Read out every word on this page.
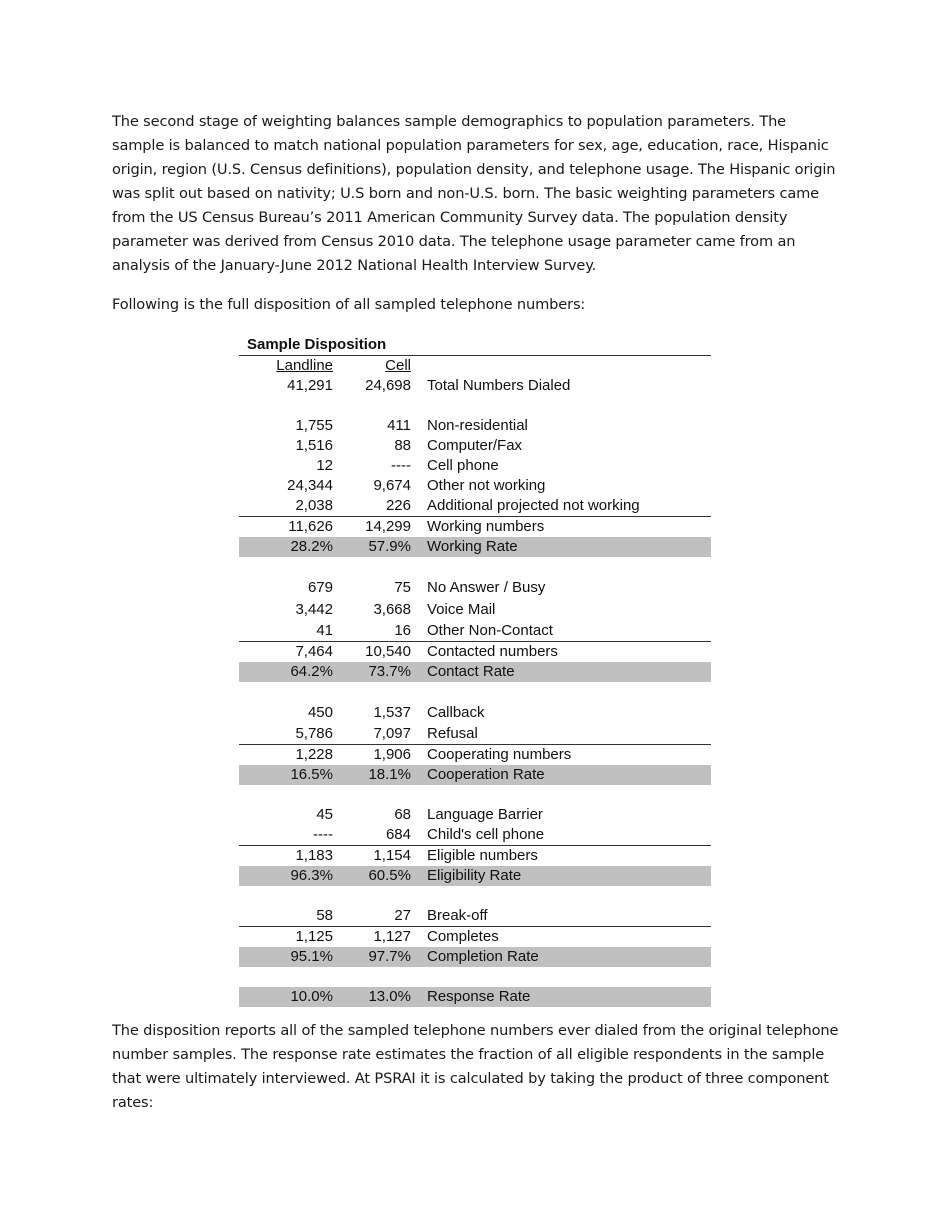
The second stage of weighting balances sample demographics to population parameters. The sample is balanced to match national population parameters for sex, age, education, race, Hispanic origin, region (U.S. Census definitions), population density, and telephone usage. The Hispanic origin was split out based on nativity; U.S born and non-U.S. born. The basic weighting parameters came from the US Census Bureau’s 2011 American Community Survey data. The population density parameter was derived from Census 2010 data. The telephone usage parameter came from an analysis of the January-June 2012 National Health Interview Survey.

Following is the full disposition of all sampled telephone numbers:

Sample Disposition
Landline	Cell
41,291	24,698 Total Numbers Dialed
1,755	411 Non-residential
1,516	88 Computer/Fax
12	---- Cell phone
24,344	9,674 Other not working
2,038	226 Additional projected not working
11,626	14,299 Working numbers
28.2%	57.9% Working Rate
679	75 No Answer / Busy
3,442	3,668 Voice Mail
41	16 Other Non-Contact
7,464	10,540 Contacted numbers
64.2%	73.7% Contact Rate
450	1,537 Callback
5,786	7,097 Refusal
1,228	1,906 Cooperating numbers
16.5%	18.1% Cooperation Rate
45	68 Language Barrier
----	684 Child's cell phone
1,183	1,154 Eligible numbers
96.3%	60.5% Eligibility Rate
58	27 Break-off
1,125	1,127 Completes
95.1%	97.7% Completion Rate
10.0%	13.0% Response Rate

The disposition reports all of the sampled telephone numbers ever dialed from the original telephone number samples. The response rate estimates the fraction of all eligible respondents in the sample that were ultimately interviewed. At PSRAI it is calculated by taking the product of three component rates:
